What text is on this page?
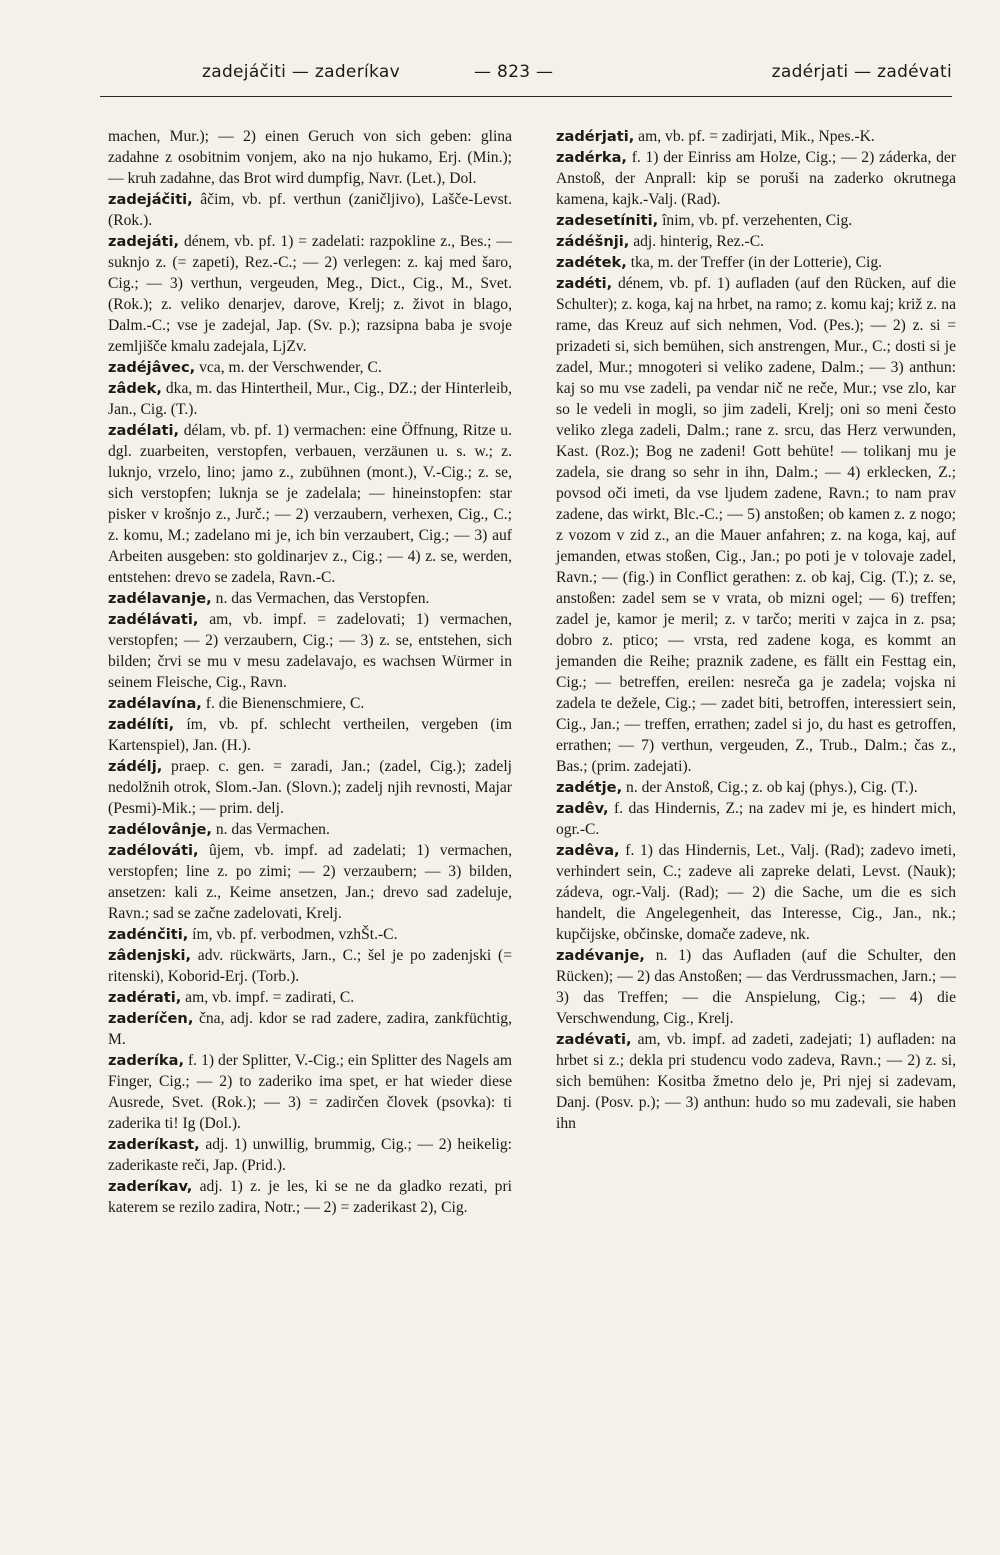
zadejáčiti — zaderíkav	— 823 —	zadérjati — zadévati

machen, Mur.); — 2) einen Geruch von sich geben: glina zadahne z osobitnim vonjem, ako na njo hukamo, Erj. (Min.); — kruh zadahne, das Brot wird dumpfig, Navr. (Let.), Dol.

zadejáčiti, âčim, vb. pf. verthun (zaničljivo), Lašče-Levst. (Rok.).

zadejáti, dénem, vb. pf. 1) = zadelati: razpokline z., Bes.; — suknjo z. (= zapeti), Rez.-C.; — 2) verlegen: z. kaj med šaro, Cig.; — 3) verthun, vergeuden, Meg., Dict., Cig., M., Svet. (Rok.); z. veliko denarjev, darove, Krelj; z. život in blago, Dalm.-C.; vse je zadejal, Jap. (Sv. p.); razsipna baba je svoje zemljišče kmalu zadejala, LjZv.

zadéjâvec, vca, m. der Verschwender, C.

zâdek, dka, m. das Hintertheil, Mur., Cig., DZ.; der Hinterleib, Jan., Cig. (T.).

zadélati, délam, vb. pf. 1) vermachen: eine Öffnung, Ritze u. dgl. zuarbeiten, verstopfen, verbauen, verzäunen u. s. w.; z. luknjo, vrzelo, lino; jamo z., zubühnen (mont.), V.-Cig.; z. se, sich verstopfen; luknja se je zadelala; — hineinstopfen: star pisker v krošnjo z., Jurč.; — 2) verzaubern, verhexen, Cig., C.; z. komu, M.; zadelano mi je, ich bin verzaubert, Cig.; — 3) auf Arbeiten ausgeben: sto goldinarjev z., Cig.; — 4) z. se, werden, entstehen: drevo se zadela, Ravn.-C.

zadélavanje, n. das Vermachen, das Verstopfen.

zadélávati, am, vb. impf. = zadelovati; 1) vermachen, verstopfen; — 2) verzaubern, Cig.; — 3) z. se, entstehen, sich bilden; črvi se mu v mesu zadelavajo, es wachsen Würmer in seinem Fleische, Cig., Ravn.

zadélavína, f. die Bienenschmiere, C.

zadélíti, ím, vb. pf. schlecht vertheilen, vergeben (im Kartenspiel), Jan. (H.).

zádélj, praep. c. gen. = zaradi, Jan.; (zadel, Cig.); zadelj nedolžnih otrok, Slom.-Jan. (Slovn.); zadelj njih revnosti, Majar (Pesmi)-Mik.; — prim. delj.

zadélovânje, n. das Vermachen.

zadélováti, ûjem, vb. impf. ad zadelati; 1) vermachen, verstopfen; line z. po zimi; — 2) verzaubern; — 3) bilden, ansetzen: kali z., Keime ansetzen, Jan.; drevo sad zadeluje, Ravn.; sad se začne zadelovati, Krelj.

zadénčiti, ím, vb. pf. verbodmen, vzhŠt.-C.

zâdenjski, adv. rückwärts, Jarn., C.; šel je po zadenjski (= ritenski), Koborid-Erj. (Torb.).

zadérati, am, vb. impf. = zadirati, C.

zaderíčen, čna, adj. kdor se rad zadere, zadira, zankfüchtig, M.

zaderíka, f. 1) der Splitter, V.-Cig.; ein Splitter des Nagels am Finger, Cig.; — 2) to zaderiko ima spet, er hat wieder diese Ausrede, Svet. (Rok.); — 3) = zadirčen človek (psovka): ti zaderika ti! Ig (Dol.).

zaderíkast, adj. 1) unwillig, brummig, Cig.; — 2) heikelig: zaderikaste reči, Jap. (Prid.).

zaderíkav, adj. 1) z. je les, ki se ne da gladko rezati, pri katerem se rezilo zadira, Notr.; — 2) = zaderikast 2), Cig.

zadérjati, am, vb. pf. = zadirjati, Mik., Npes.-K.

zadérka, f. 1) der Einriss am Holze, Cig.; — 2) záderka, der Anstoß, der Anprall: kip se poruši na zaderko okrutnega kamena, kajk.-Valj. (Rad).

zadesetíniti, înim, vb. pf. verzehenten, Cig.

zádéšnji, adj. hinterig, Rez.-C.

zadétek, tka, m. der Treffer (in der Lotterie), Cig.

zadéti, dénem, vb. pf. 1) aufladen (auf den Rücken, auf die Schulter); z. koga, kaj na hrbet, na ramo; z. komu kaj; križ z. na rame, das Kreuz auf sich nehmen, Vod. (Pes.); — 2) z. si = prizadeti si, sich bemühen, sich anstrengen, Mur., C.; dosti si je zadel, Mur.; mnogoteri si veliko zadene, Dalm.; — 3) anthun: kaj so mu vse zadeli, pa vendar nič ne reče, Mur.; vse zlo, kar so le vedeli in mogli, so jim zadeli, Krelj; oni so meni često veliko zlega zadeli, Dalm.; rane z. srcu, das Herz verwunden, Kast. (Roz.); Bog ne zadeni! Gott behüte! — tolikanj mu je zadela, sie drang so sehr in ihn, Dalm.; — 4) erklecken, Z.; povsod oči imeti, da vse ljudem zadene, Ravn.; to nam prav zadene, das wirkt, Blc.-C.; — 5) anstoßen; ob kamen z. z nogo; z vozom v zid z., an die Mauer anfahren; z. na koga, kaj, auf jemanden, etwas stoßen, Cig., Jan.; po poti je v tolovaje zadel, Ravn.; — (fig.) in Conflict gerathen: z. ob kaj, Cig. (T.); z. se, anstoßen: zadel sem se v vrata, ob mizni ogel; — 6) treffen; zadel je, kamor je meril; z. v tarčo; meriti v zajca in z. psa; dobro z. ptico; — vrsta, red zadene koga, es kommt an jemanden die Reihe; praznik zadene, es fällt ein Festtag ein, Cig.; — betreffen, ereilen: nesreča ga je zadela; vojska ni zadela te dežele, Cig.; — zadet biti, betroffen, interessiert sein, Cig., Jan.; — treffen, errathen; zadel si jo, du hast es getroffen, errathen; — 7) verthun, vergeuden, Z., Trub., Dalm.; čas z., Bas.; (prim. zadejati).

zadétje, n. der Anstoß, Cig.; z. ob kaj (phys.), Cig. (T.).

zadêv, f. das Hindernis, Z.; na zadev mi je, es hindert mich, ogr.-C.

zadêva, f. 1) das Hindernis, Let., Valj. (Rad); zadevo imeti, verhindert sein, C.; zadeve ali zapreke delati, Levst. (Nauk); zádeva, ogr.-Valj. (Rad); — 2) die Sache, um die es sich handelt, die Angelegenheit, das Interesse, Cig., Jan., nk.; kupčijske, občinske, domače zadeve, nk.

zadévanje, n. 1) das Aufladen (auf die Schulter, den Rücken); — 2) das Anstoßen; — das Verdrussmachen, Jarn.; — 3) das Treffen; — die Anspielung, Cig.; — 4) die Verschwendung, Cig., Krelj.

zadévati, am, vb. impf. ad zadeti, zadejati; 1) aufladen: na hrbet si z.; dekla pri studencu vodo zadeva, Ravn.; — 2) z. si, sich bemühen: Kositba žmetno delo je, Pri njej si zadevam, Danj. (Posv. p.); — 3) anthun: hudo so mu zadevali, sie haben ihn
